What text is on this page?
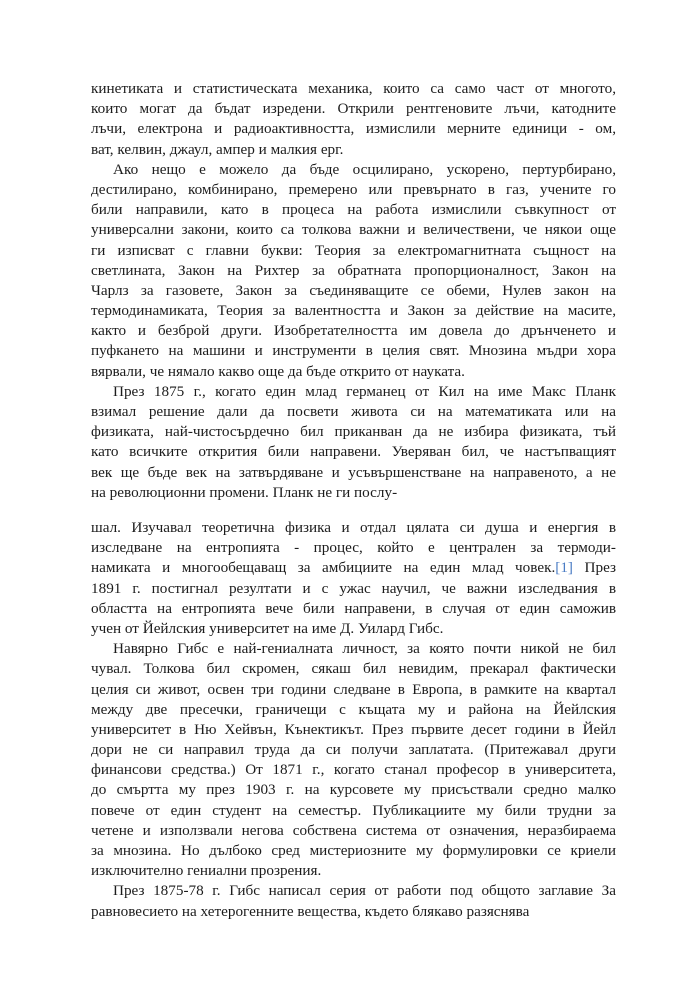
кинетиката и статистическата механика, които са само част от многото,
които могат да бъдат изредени. Открили рентгеновите лъчи, катодните
лъчи, електрона и радиоактивността, измислили мерните единици - ом,
ват, келвин, джаул, ампер и малкия ерг.
Ако нещо е можело да бъде осцилирано, ускорено, пертурбирано,
дестилирано, комбинирано, премерено или превърнато в газ, учените го
били направили, като в процеса на работа измислили съвкупност от
универсални закони, които са толкова важни и величествени, че някои още
ги изписват с главни букви: Теория за електромагнитната същност на
светлината, Закон на Рихтер за обратната пропорционалност, Закон на
Чарлз за газовете, Закон за съединяващите се обеми, Нулев закон на
термодинамиката, Теория за валентността и Закон за действие на масите,
както и безброй други. Изобретателността им довела до дрънченето и
пуфкането на машини и инструменти в целия свят. Мнозина мъдри хора
вярвали, че нямало какво още да бъде открито от науката.
През 1875 г., когато един млад германец от Кил на име Макс Планк
взимал решение дали да посвети живота си на математиката или на
физиката, най-чистосърдечно бил приканван да не избира физиката, тъй
като всичките открития били направени. Уверяван бил, че настъпващият
век ще бъде век на затвърдяване и усъвършенстване на направеното, а не
на революционни промени. Планк не ги послу-
шал. Изучавал теоретична физика и отдал цялата си душа и енергия в
изследване на ентропията - процес, който е централен за термоди-
намиката и многообещаващ за амбициите на един млад човек.[1] През
1891 г. постигнал резултати и с ужас научил, че важни изследвания в
областта на ентропията вече били направени, в случая от един саможив
учен от Йейлския университет на име Д. Уилард Гибс.
Навярно Гибс е най-гениалната личност, за която почти никой не бил
чувал. Толкова бил скромен, сякаш бил невидим, прекарал фактически
целия си живот, освен три години следване в Европа, в рамките на квартал
между две пресечки, граничещи с къщата му и района на Йейлския
университет в Ню Хейвън, Кънектикът. През първите десет години в Йейл
дори не си направил труда да си получи заплатата. (Притежавал други
финансови средства.) От 1871 г., когато станал професор в университета,
до смъртта му през 1903 г. на курсовете му присъствали средно малко
повече от един студент на семестър. Публикациите му били трудни за
четене и използвали негова собствена система от означения, неразбираема
за мнозина. Но дълбоко сред мистериозните му формулировки се криели
изключително гениални прозрения.
През 1875-78 г. Гибс написал серия от работи под общото заглавие За
равновесието на хетерогенните вещества, където блякаво разяснява
